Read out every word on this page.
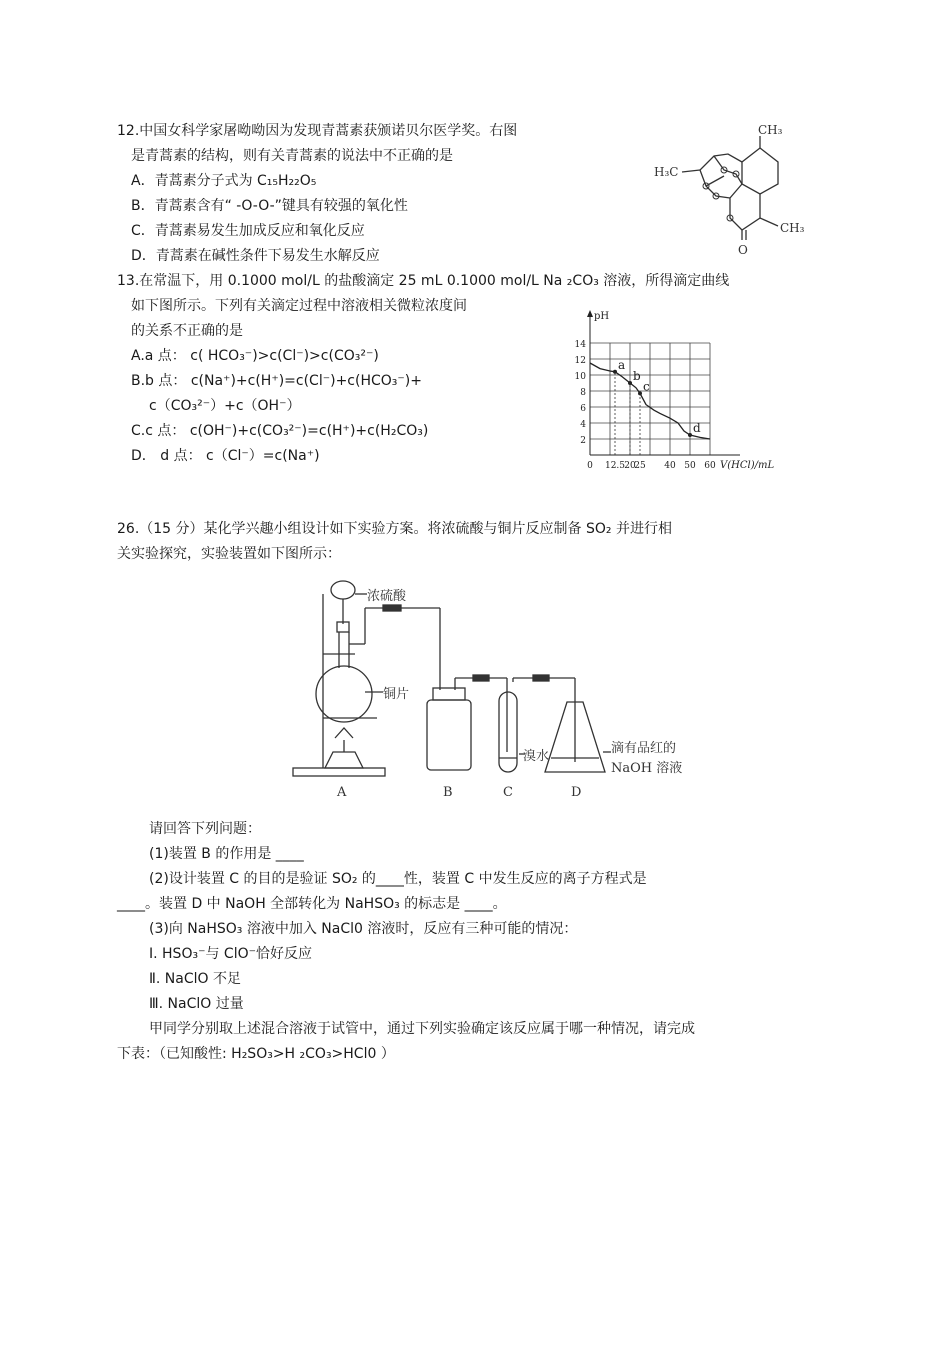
12.中国女科学家屠呦呦因为发现青蒿素获颁诺贝尔医学奖。右图
是青蒿素的结构，则有关青蒿素的说法中不正确的是
A．青蒿素分子式为 C₁₅H₂₂O₅
B．青蒿素含有“ -O-O-”键具有较强的氧化性
C．青蒿素易发生加成反应和氧化反应
D．青蒿素在碱性条件下易发生水解反应
CH₃
H₃C
CH₃
O
13.在常温下，用 0.1000 mol/L 的盐酸滴定 25 mL 0.1000 mol/L Na ₂CO₃ 溶液，所得滴定曲线
如下图所示。下列有关滴定过程中溶液相关微粒浓度间
的关系不正确的是
A.a 点： c( HCO₃⁻)>c(Cl⁻)>c(CO₃²⁻)
B.b 点： c(Na⁺)+c(H⁺)=c(Cl⁻)+c(HCO₃⁻)+
c（CO₃²⁻）+c（OH⁻）
C.c 点： c(OH⁻)+c(CO₃²⁻)=c(H⁺)+c(H₂CO₃)
D． d 点： c（Cl⁻）=c(Na⁺)
a
b
c
d
2
4
6
8
10
12
14
0 12.5 20
25 40 50 60
pH
V(HCl)/mL
26.（15 分）某化学兴趣小组设计如下实验方案。将浓硫酸与铜片反应制备 SO₂ 并进行相
关实验探究，实验装置如下图所示：
浓硫酸
铜片
溴水
滴有品红的
NaOH 溶液
A	B	C	D
请回答下列问题：
(1)装置 B 的作用是 ____
(2)设计装置 C 的目的是验证 SO₂ 的____性，装置 C 中发生反应的离子方程式是
____。装置 D 中 NaOH 全部转化为 NaHSO₃ 的标志是 ____。
(3)向 NaHSO₃ 溶液中加入 NaCl0 溶液时，反应有三种可能的情况：
I. HSO₃⁻与 ClO⁻恰好反应
Ⅱ. NaClO 不足
Ⅲ. NaClO 过量
甲同学分别取上述混合溶液于试管中，通过下列实验确定该反应属于哪一种情况，请完成
下表：（已知酸性: H₂SO₃>H ₂CO₃>HCl0 ）
